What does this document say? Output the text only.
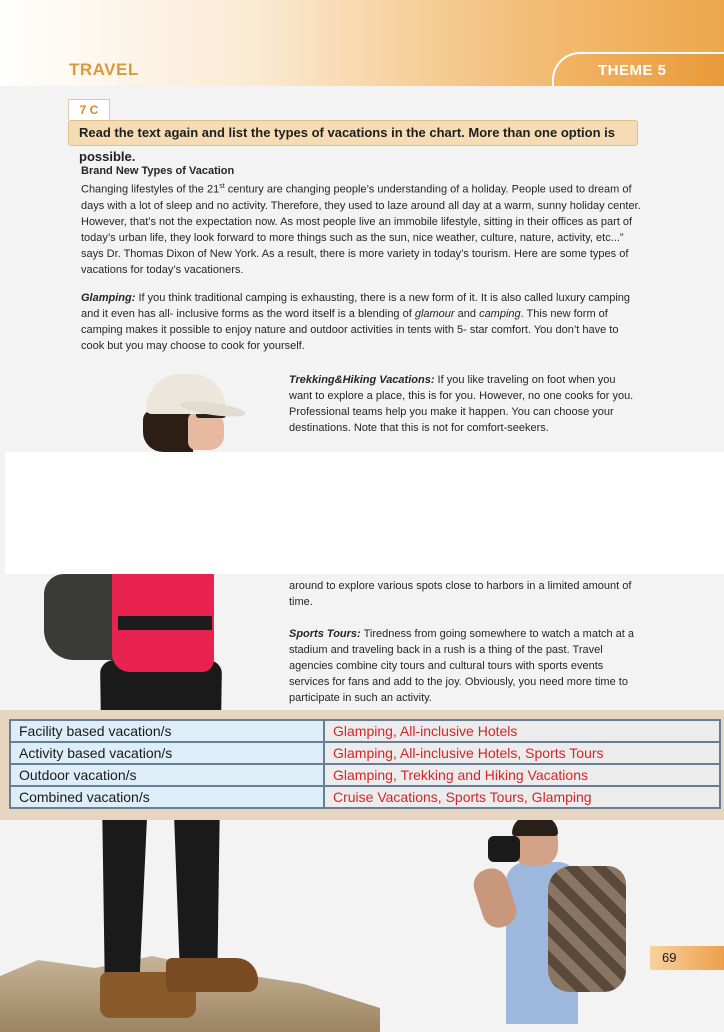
TRAVEL	THEME 5
7 C
Read the text again and list the types of vacations in the chart. More than one option is possible.
Brand New Types of Vacation
Changing lifestyles of the 21st century are changing people’s understanding of a holiday. People used to dream of days with a lot of sleep and no activity. Therefore, they used to laze around all day at a warm, sunny holiday center. However, that’s not the expectation now. As most people live an immobile lifestyle, sitting in their offices as part of today’s urban life, they look forward to more things such as the sun, nice weather, culture, nature, activity, etc...” says Dr. Thomas Dixon of New York. As a result, there is more variety in today’s tourism. Here are some types of vacations for today’s vacationers.
Glamping: If you think traditional camping is exhausting, there is a new form of it. It is also called luxury camping and it even has all- inclusive forms as the word itself is a blending of glamour and camping. This new form of camping makes it possible to enjoy nature and outdoor activities in tents with 5- star comfort. You don’t have to cook but you may choose to cook for yourself.
Trekking&Hiking Vacations: If you like traveling on foot when you want to explore a place, this is for you. However, no one cooks for you. Professional teams help you make it happen. You can choose your destinations. Note that this is not for comfort-seekers.
around to explore various spots close to harbors in a limited amount of time.
Sports Tours: Tiredness from going somewhere to watch a match at a stadium and traveling back in a rush is a thing of the past. Travel agencies combine city tours and cultural tours with sports events services for fans and add to the joy. Obviously, you need more time to participate in such an activity.
Facility based vacation/s	Glamping, All-inclusive Hotels
Activity based vacation/s	Glamping, All-inclusive Hotels, Sports Tours
Outdoor vacation/s	Glamping, Trekking and Hiking Vacations
Combined vacation/s	Cruise Vacations, Sports Tours, Glamping
69
